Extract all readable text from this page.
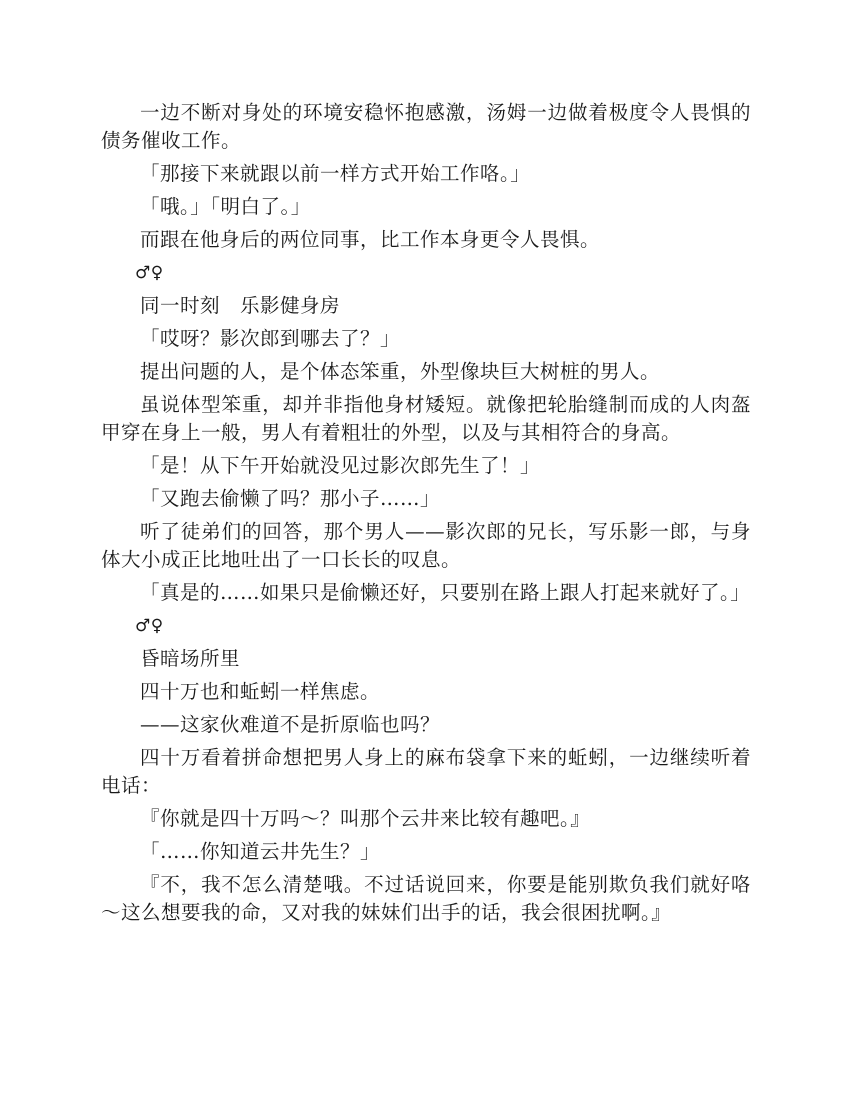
一边不断对身处的环境安稳怀抱感激，汤姆一边做着极度令人畏惧的债务催收工作。

「那接下来就跟以前一样方式开始工作咯。」

「哦。」「明白了。」

而跟在他身后的两位同事，比工作本身更令人畏惧。

♂♀

同一时刻　乐影健身房

「哎呀？影次郎到哪去了？」

提出问题的人，是个体态笨重，外型像块巨大树桩的男人。

虽说体型笨重，却并非指他身材矮短。就像把轮胎缝制而成的人肉盔甲穿在身上一般，男人有着粗壮的外型，以及与其相符合的身高。

「是！从下午开始就没见过影次郎先生了！」

「又跑去偷懒了吗？那小子……」

听了徒弟们的回答，那个男人——影次郎的兄长，写乐影一郎，与身体大小成正比地吐出了一口长长的叹息。

「真是的……如果只是偷懒还好，只要别在路上跟人打起来就好了。」

♂♀

昏暗场所里

四十万也和蚯蚓一样焦虑。

——这家伙难道不是折原临也吗？

四十万看着拼命想把男人身上的麻布袋拿下来的蚯蚓，一边继续听着电话：

『你就是四十万吗～？叫那个云井来比较有趣吧。』

「……你知道云井先生？」

『不，我不怎么清楚哦。不过话说回来，你要是能别欺负我们就好咯～这么想要我的命，又对我的妹妹们出手的话，我会很困扰啊。』
